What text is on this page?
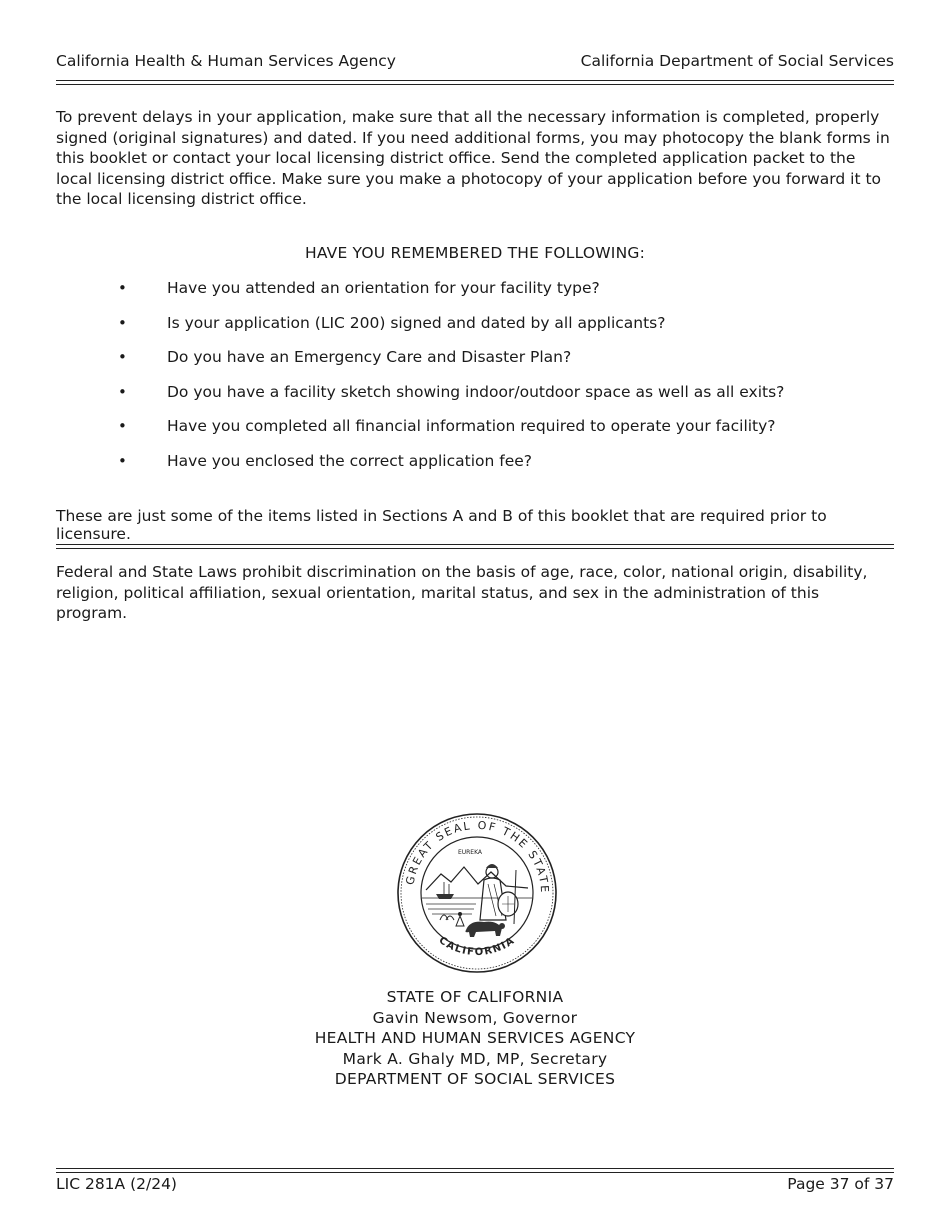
California Health & Human Services Agency	California Department of Social Services
To prevent delays in your application, make sure that all the necessary information is completed, properly signed (original signatures) and dated. If you need additional forms, you may photocopy the blank forms in this booklet or contact your local licensing district office. Send the completed application packet to the local licensing district office. Make sure you make a photocopy of your application before you forward it to the local licensing district office.
HAVE YOU REMEMBERED THE FOLLOWING:
•	Have you attended an orientation for your facility type?
•	Is your application (LIC 200) signed and dated by all applicants?
•	Do you have an Emergency Care and Disaster Plan?
•	Do you have a facility sketch showing indoor/outdoor space as well as all exits?
•	Have you completed all financial information required to operate your facility?
•	Have you enclosed the correct application fee?
These are just some of the items listed in Sections A and B of this booklet that are required prior to licensure.
Federal and State Laws prohibit discrimination on the basis of age, race, color, national origin, disability, religion, political affiliation, sexual orientation, marital status, and sex in the administration of this program.
GREAT SEAL OF THE STATE
CALIFORNIA
EUREKA
STATE OF CALIFORNIA
Gavin Newsom, Governor
HEALTH AND HUMAN SERVICES AGENCY
Mark A. Ghaly MD, MP, Secretary
DEPARTMENT OF SOCIAL SERVICES
LIC 281A (2/24)	Page 37 of 37
